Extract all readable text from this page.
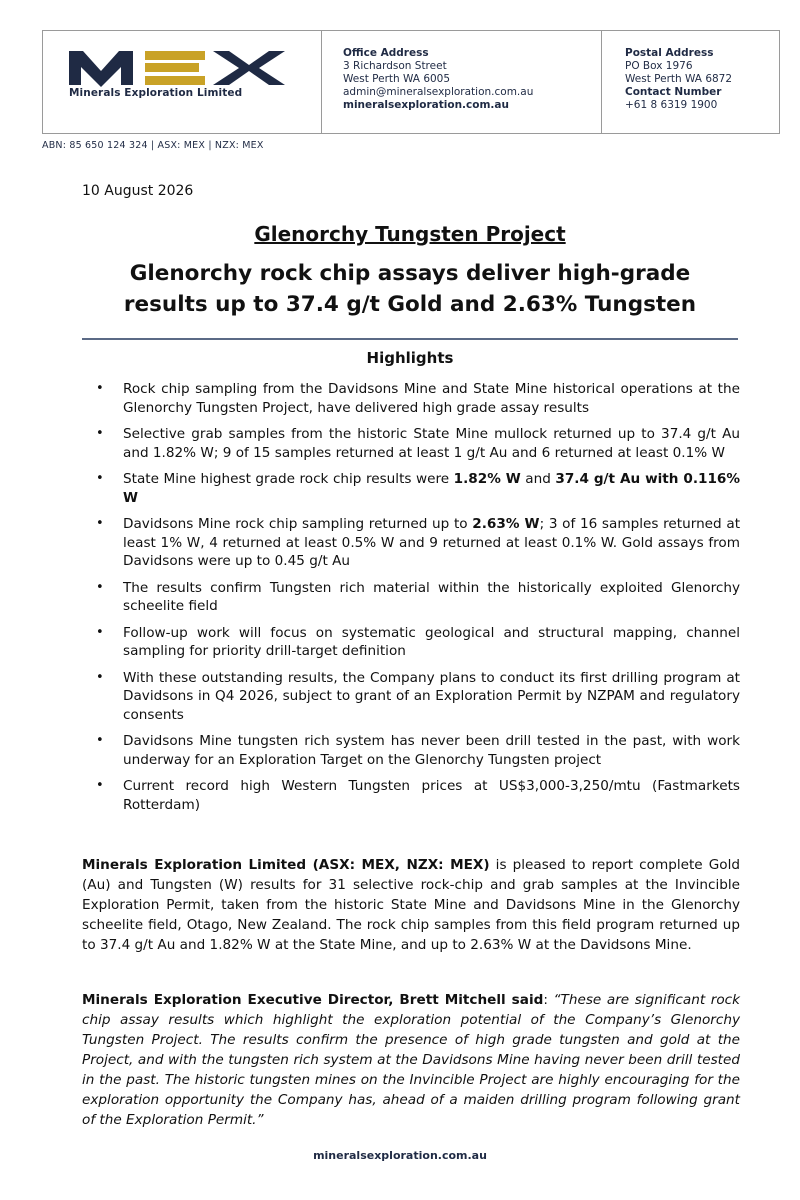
Minerals Exploration Limited
Office Address
3 Richardson Street
West Perth WA 6005
admin@mineralsexploration.com.au
mineralsexploration.com.au
Postal Address
PO Box 1976
West Perth WA 6872
Contact Number
+61 8 6319 1900
ABN: 85 650 124 324 | ASX: MEX | NZX: MEX
10 August 2026
Glenorchy Tungsten Project
Glenorchy rock chip assays deliver high-grade
results up to 37.4 g/t Gold and 2.63% Tungsten
Highlights
• Rock chip sampling from the Davidsons Mine and State Mine historical operations at the Glenorchy Tungsten Project, have delivered high grade assay results
• Selective grab samples from the historic State Mine mullock returned up to 37.4 g/t Au and 1.82% W; 9 of 15 samples returned at least 1 g/t Au and 6 returned at least 0.1% W
• State Mine highest grade rock chip results were 1.82% W and 37.4 g/t Au with 0.116% W
• Davidsons Mine rock chip sampling returned up to 2.63% W; 3 of 16 samples returned at least 1% W, 4 returned at least 0.5% W and 9 returned at least 0.1% W. Gold assays from Davidsons were up to 0.45 g/t Au
• The results confirm Tungsten rich material within the historically exploited Glenorchy scheelite field
• Follow-up work will focus on systematic geological and structural mapping, channel sampling for priority drill-target definition
• With these outstanding results, the Company plans to conduct its first drilling program at Davidsons in Q4 2026, subject to grant of an Exploration Permit by NZPAM and regulatory consents
• Davidsons Mine tungsten rich system has never been drill tested in the past, with work underway for an Exploration Target on the Glenorchy Tungsten project
• Current record high Western Tungsten prices at US$3,000-3,250/mtu (Fastmarkets Rotterdam)

Minerals Exploration Limited (ASX: MEX, NZX: MEX) is pleased to report complete Gold (Au) and Tungsten (W) results for 31 selective rock-chip and grab samples at the Invincible Exploration Permit, taken from the historic State Mine and Davidsons Mine in the Glenorchy scheelite field, Otago, New Zealand. The rock chip samples from this field program returned up to 37.4 g/t Au and 1.82% W at the State Mine, and up to 2.63% W at the Davidsons Mine.

Minerals Exploration Executive Director, Brett Mitchell said: “These are significant rock chip assay results which highlight the exploration potential of the Company’s Glenorchy Tungsten Project. The results confirm the presence of high grade tungsten and gold at the Project, and with the tungsten rich system at the Davidsons Mine having never been drill tested in the past. The historic tungsten mines on the Invincible Project are highly encouraging for the exploration opportunity the Company has, ahead of a maiden drilling program following grant of the Exploration Permit.”

mineralsexploration.com.au
